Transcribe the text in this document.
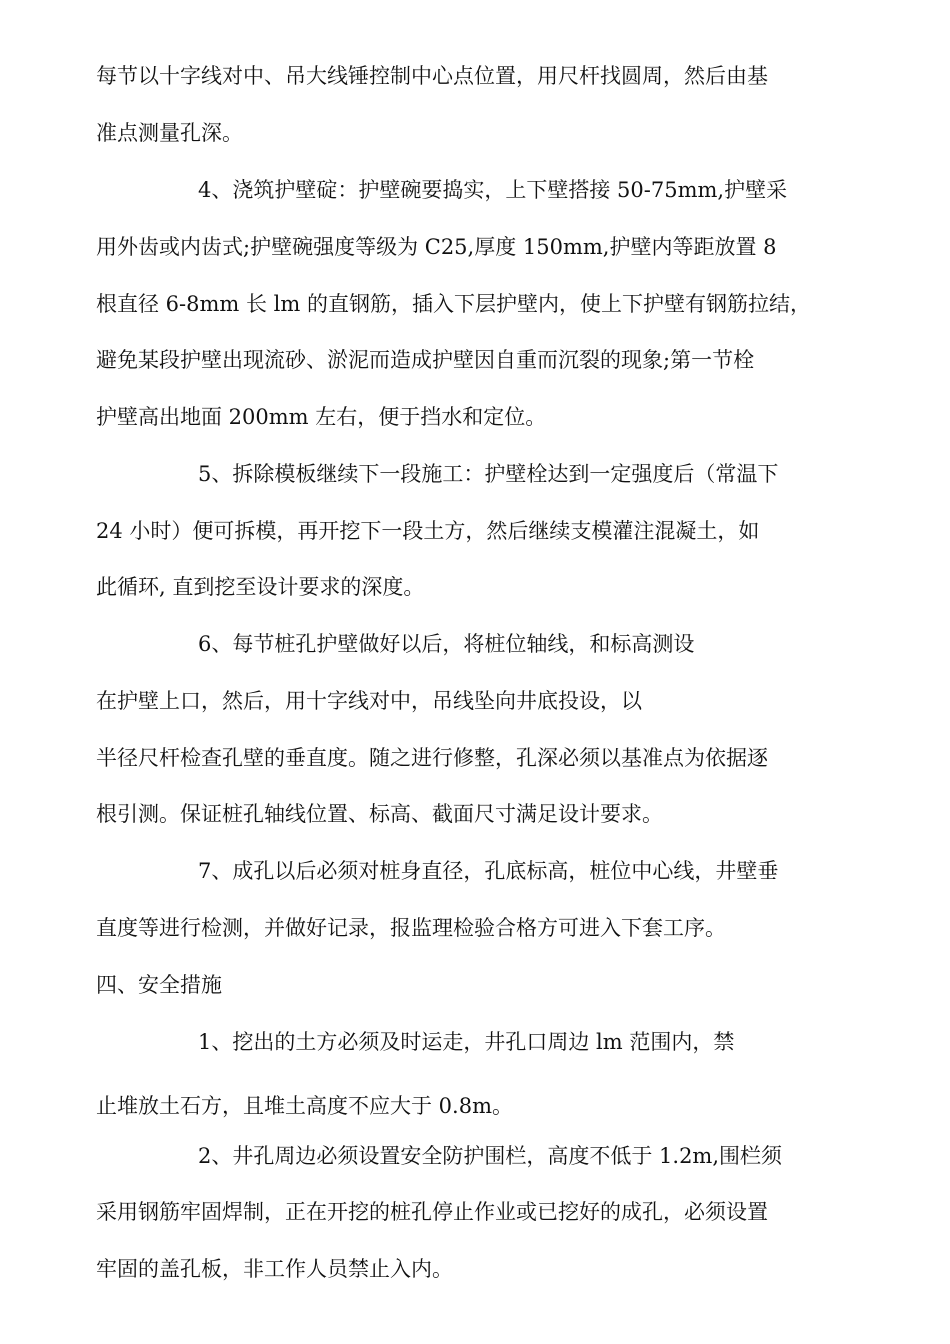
每节以十字线对中、吊大线锤控制中心点位置，用尺杆找圆周，然后由基
准点测量孔深。
4、浇筑护壁碇：护壁碗要捣实，上下壁搭接 50-75mm,护壁采
用外齿或内齿式;护壁碗强度等级为 C25,厚度 150mm,护壁内等距放置 8
根直径 6-8mm 长 lm 的直钢筋，插入下层护壁内，使上下护壁有钢筋拉结，
避免某段护壁出现流砂、淤泥而造成护壁因自重而沉裂的现象;第一节栓
护壁高出地面 200mm 左右，便于挡水和定位。
5、拆除模板继续下一段施工：护壁栓达到一定强度后（常温下
24 小时）便可拆模，再开挖下一段土方，然后继续支模灌注混凝土，如
此循环, 直到挖至设计要求的深度。
6、每节桩孔护壁做好以后，将桩位轴线，和标高测设
在护壁上口，然后，用十字线对中，吊线坠向井底投设，以
半径尺杆检查孔壁的垂直度。随之进行修整，孔深必须以基准点为依据逐
根引测。保证桩孔轴线位置、标高、截面尺寸满足设计要求。
7、成孔以后必须对桩身直径，孔底标高，桩位中心线，井壁垂
直度等进行检测，并做好记录，报监理检验合格方可进入下套工序。
四、安全措施
1、挖出的土方必须及时运走，井孔口周边 lm 范围内，禁
止堆放土石方，且堆土高度不应大于 0.8m。
2、井孔周边必须设置安全防护围栏，高度不低于 1.2m,围栏须
采用钢筋牢固焊制，正在开挖的桩孔停止作业或已挖好的成孔，必须设置
牢固的盖孔板，非工作人员禁止入内。
